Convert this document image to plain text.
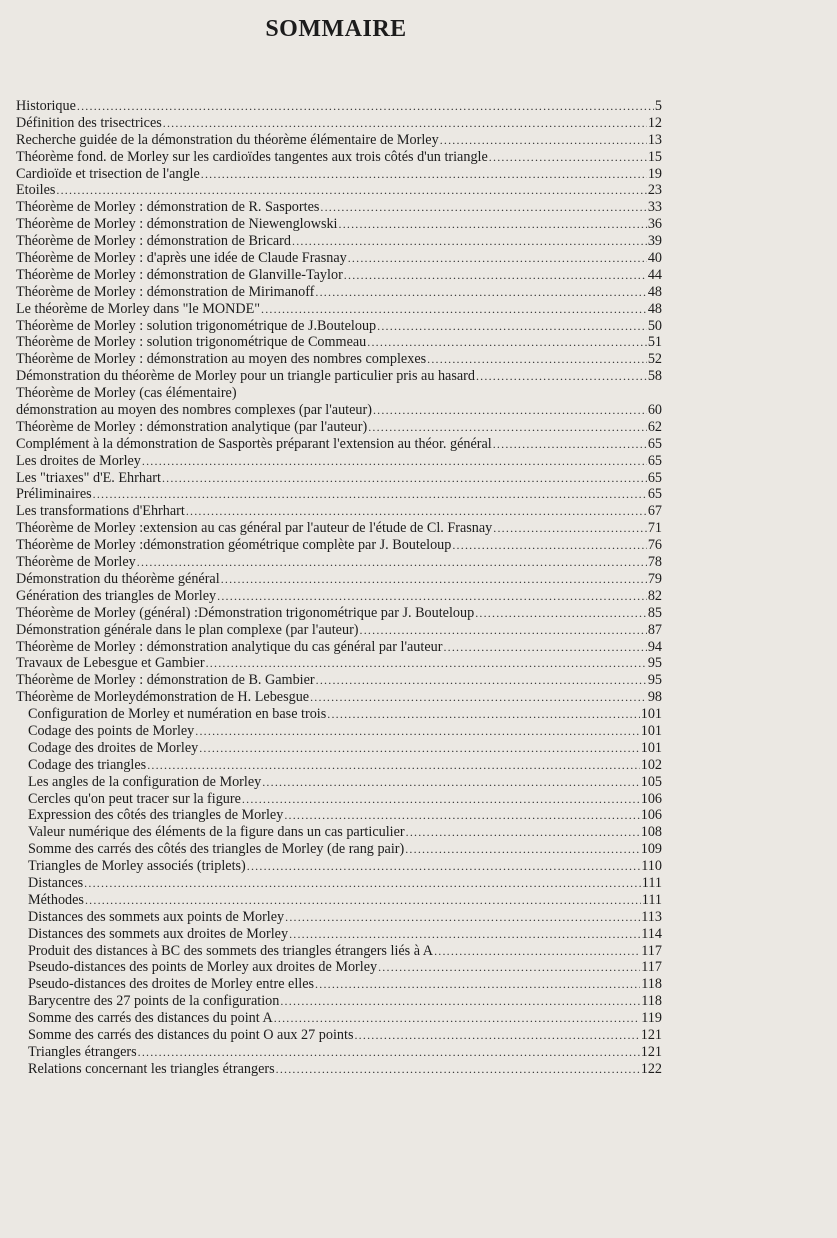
SOMMAIRE
Historique .....	5
Définition des trisectrices .....	12
Recherche guidée de la démonstration du théorème élémentaire de Morley .....	13
Théorème fond. de Morley sur les cardioïdes tangentes aux trois côtés d'un triangle .....	15
Cardioïde et trisection de l'angle .....	19
Etoiles .....	23
Théorème de Morley : démonstration de R. Sasportes .....	33
Théorème de Morley : démonstration de Niewenglowski .....	36
Théorème de Morley : démonstration de Bricard .....	39
Théorème de Morley : d'après une idée de Claude Frasnay .....	40
Théorème de Morley : démonstration de Glanville-Taylor .....	44
Théorème de Morley : démonstration de Mirimanoff .....	48
Le théorème de Morley dans "le MONDE" .....	48
Théorème de Morley : solution trigonométrique de J.Bouteloup .....	50
Théorème de Morley : solution trigonométrique de Commeau .....	51
Théorème de Morley : démonstration au moyen des nombres complexes .....	52
Démonstration du théorème de Morley pour un triangle particulier pris au hasard .....	58
Théorème de Morley (cas élémentaire)
démonstration au moyen des nombres complexes (par l'auteur) .....	60
Théorème de Morley : démonstration analytique (par l'auteur) .....	62
Complément à la démonstration de Sasportès préparant l'extension au théor. général .....	65
Les droites de Morley .....	65
Les "triaxes" d'E. Ehrhart .....	65
Préliminaires .....	65
Les transformations d'Ehrhart .....	67
Théorème de Morley :extension au cas général par l'auteur de l'étude de Cl. Frasnay .....	71
Théorème de Morley :démonstration géométrique complète par J. Bouteloup .....	76
Théorème de Morley .....	78
Démonstration du théorème général .....	79
Génération des triangles de Morley .....	82
Théorème de Morley (général) :Démonstration trigonométrique par J. Bouteloup .....	85
Démonstration générale dans le plan complexe (par l'auteur) .....	87
Théorème de Morley : démonstration analytique du cas général par l'auteur .....	94
Travaux de Lebesgue et Gambier .....	95
Théorème de Morley : démonstration de B. Gambier .....	95
Théorème de Morleydémonstration de H. Lebesgue .....	98
Configuration de Morley et numération en base trois .....	101
Codage des points de Morley .....	101
Codage des droites de Morley .....	101
Codage des triangles .....	102
Les angles de la configuration de Morley .....	105
Cercles qu'on peut tracer sur la figure .....	106
Expression des côtés des triangles de Morley .....	106
Valeur numérique des éléments de la figure dans un cas particulier .....	108
Somme des carrés des côtés des triangles de Morley (de rang pair) .....	109
Triangles de Morley associés (triplets) .....	110
Distances .....	111
Méthodes .....	111
Distances des sommets aux points de Morley .....	113
Distances des sommets aux droites de Morley .....	114
Produit des distances à BC des sommets des triangles étrangers liés à A .....	117
Pseudo-distances des points de Morley aux droites de Morley .....	117
Pseudo-distances des droites de Morley entre elles .....	118
Barycentre des 27 points de la configuration .....	118
Somme des carrés des distances du point A .....	119
Somme des carrés des distances du point O aux 27 points .....	121
Triangles étrangers .....	121
Relations concernant les triangles étrangers .....	122
